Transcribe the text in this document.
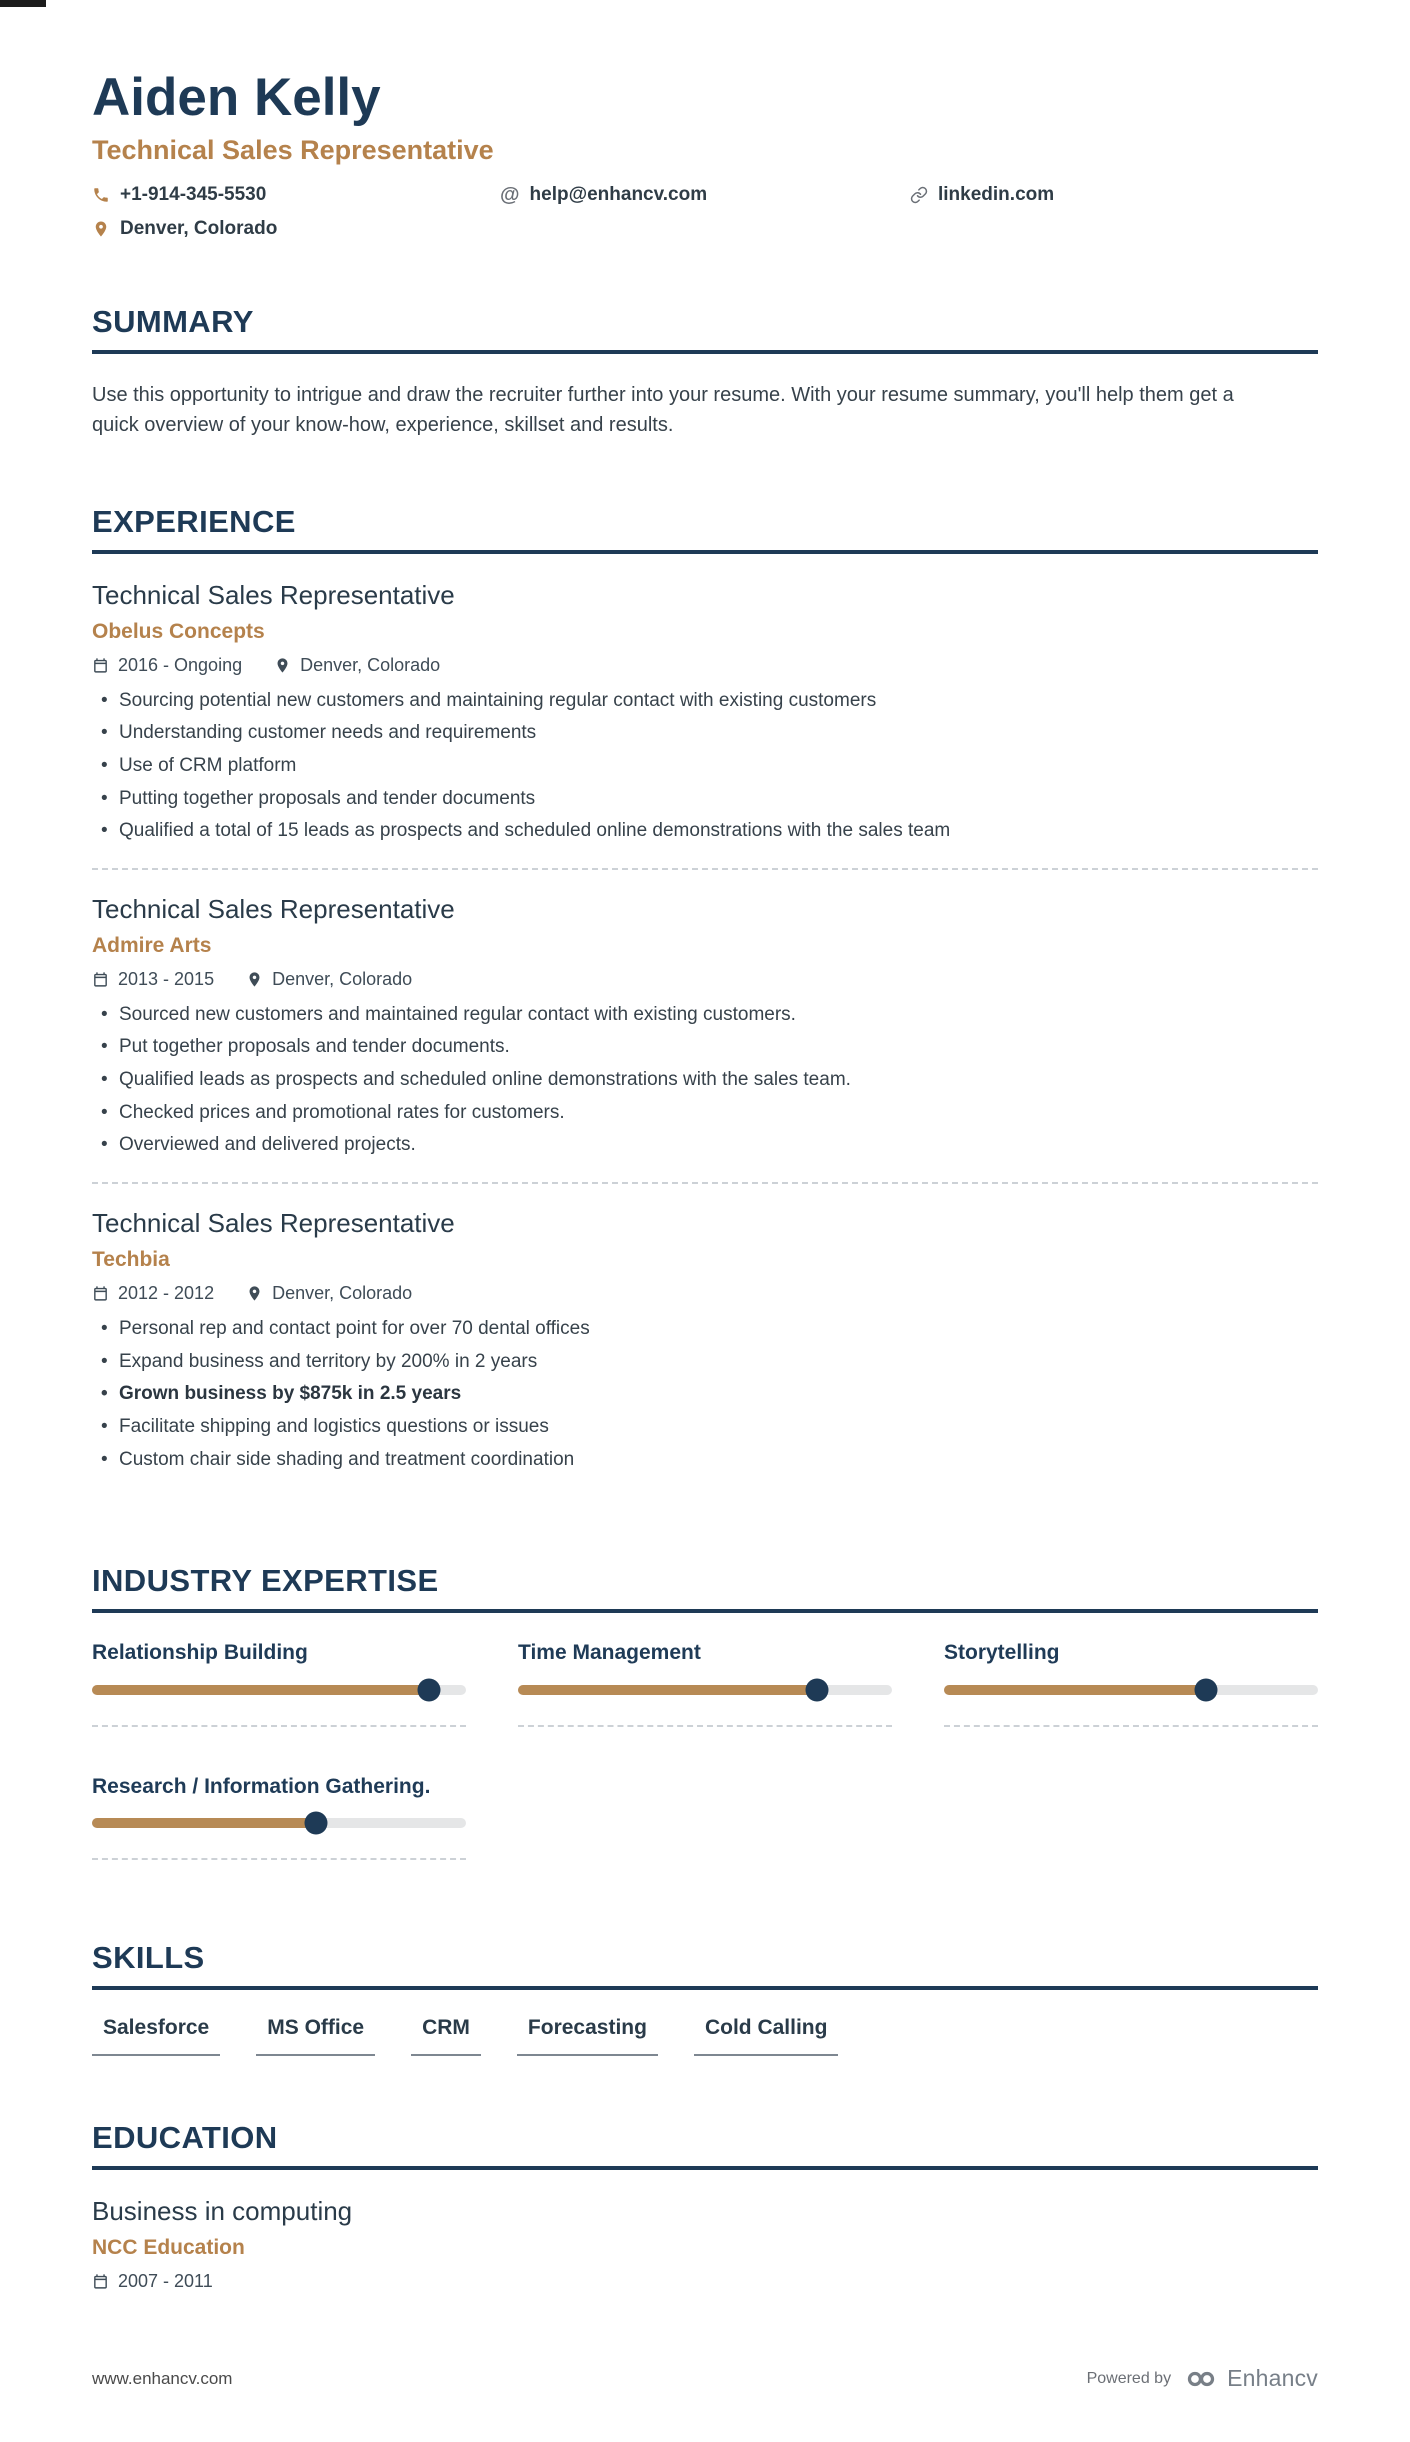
Aiden Kelly
Technical Sales Representative
+1-914-345-5530	@ help@enhancv.com	linkedin.com
Denver, Colorado
SUMMARY

Use this opportunity to intrigue and draw the recruiter further into your resume. With your resume summary, you'll help them get a quick overview of your know-how, experience, skillset and results.

EXPERIENCE
Technical Sales Representative
Obelus Concepts
2016 - Ongoing	Denver, Colorado
• Sourcing potential new customers and maintaining regular contact with existing customers
• Understanding customer needs and requirements
• Use of CRM platform
• Putting together proposals and tender documents
• Qualified a total of 15 leads as prospects and scheduled online demonstrations with the sales team
Technical Sales Representative
Admire Arts
2013 - 2015	Denver, Colorado
• Sourced new customers and maintained regular contact with existing customers.
• Put together proposals and tender documents.
• Qualified leads as prospects and scheduled online demonstrations with the sales team.
• Checked prices and promotional rates for customers.
• Overviewed and delivered projects.
Technical Sales Representative
Techbia
2012 - 2012	Denver, Colorado
• Personal rep and contact point for over 70 dental offices
• Expand business and territory by 200% in 2 years
• Grown business by $875k in 2.5 years
• Facilitate shipping and logistics questions or issues
• Custom chair side shading and treatment coordination
INDUSTRY EXPERTISE
Relationship Building	Time Management	Storytelling
Research / Information Gathering.
SKILLS
Salesforce	MS Office	CRM	Forecasting	Cold Calling
EDUCATION
Business in computing
NCC Education
2007 - 2011
www.enhancv.com	Powered by Enhancv
